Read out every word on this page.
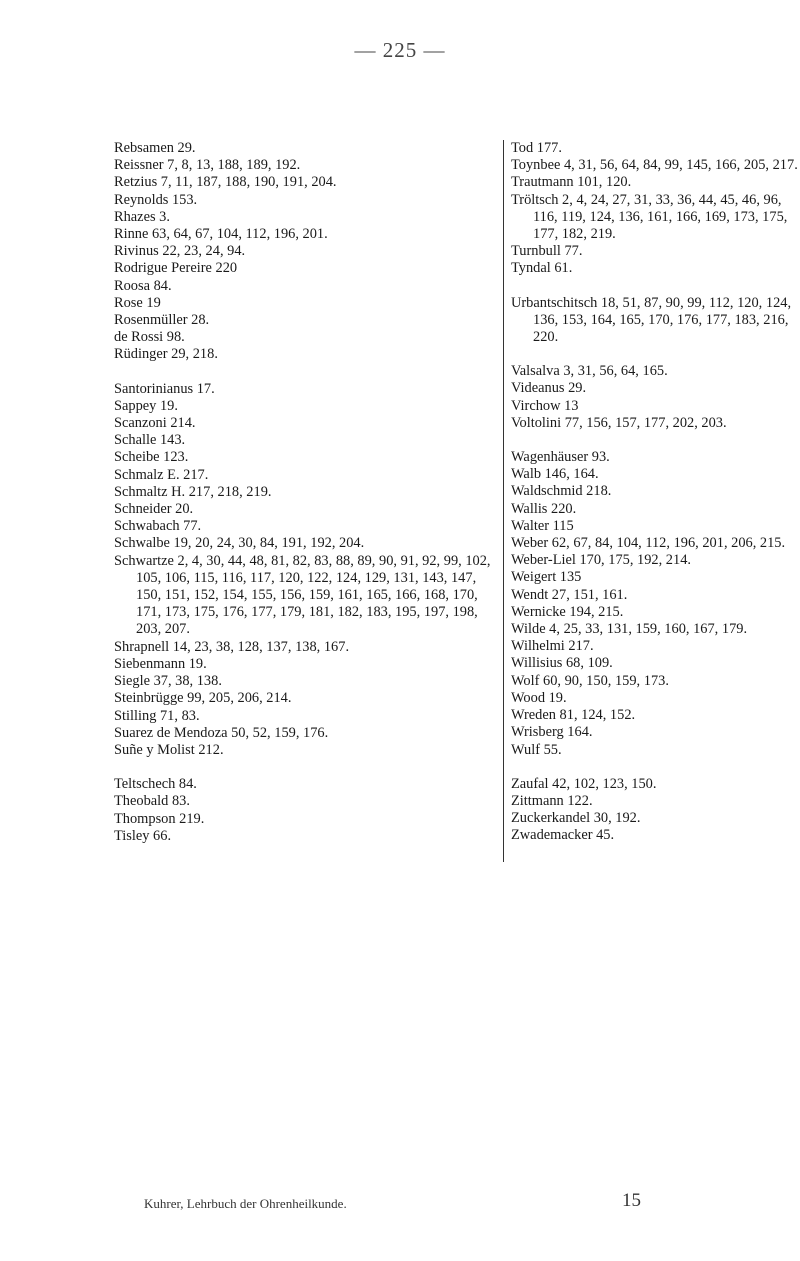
— 225 —
Rebsamen 29.
Reissner 7, 8, 13, 188, 189, 192.
Retzius 7, 11, 187, 188, 190, 191, 204.
Reynolds 153.
Rhazes 3.
Rinne 63, 64, 67, 104, 112, 196, 201.
Rivinus 22, 23, 24, 94.
Rodrigue Pereire 220
Roosa 84.
Rose 19
Rosenmüller 28.
de Rossi 98.
Rüdinger 29, 218.
Santorinianus 17.
Sappey 19.
Scanzoni 214.
Schalle 143.
Scheibe 123.
Schmalz E. 217.
Schmaltz H. 217, 218, 219.
Schneider 20.
Schwabach 77.
Schwalbe 19, 20, 24, 30, 84, 191, 192, 204.
Schwartze 2, 4, 30, 44, 48, 81, 82, 83, 88, 89, 90, 91, 92, 99, 102, 105, 106, 115, 116, 117, 120, 122, 124, 129, 131, 143, 147, 150, 151, 152, 154, 155, 156, 159, 161, 165, 166, 168, 170, 171, 173, 175, 176, 177, 179, 181, 182, 183, 195, 197, 198, 203, 207.
Shrapnell 14, 23, 38, 128, 137, 138, 167.
Siebenmann 19.
Siegle 37, 38, 138.
Steinbrügge 99, 205, 206, 214.
Stilling 71, 83.
Suarez de Mendoza 50, 52, 159, 176.
Suñe y Molist 212.
Teltschech 84.
Theobald 83.
Thompson 219.
Tisley 66.
Tod 177.
Toynbee 4, 31, 56, 64, 84, 99, 145, 166, 205, 217.
Trautmann 101, 120.
Tröltsch 2, 4, 24, 27, 31, 33, 36, 44, 45, 46, 96, 116, 119, 124, 136, 161, 166, 169, 173, 175, 177, 182, 219.
Turnbull 77.
Tyndal 61.
Urbantschitsch 18, 51, 87, 90, 99, 112, 120, 124, 136, 153, 164, 165, 170, 176, 177, 183, 216, 220.
Valsalva 3, 31, 56, 64, 165.
Videanus 29.
Virchow 13
Voltolini 77, 156, 157, 177, 202, 203.
Wagenhäuser 93.
Walb 146, 164.
Waldschmid 218.
Wallis 220.
Walter 115
Weber 62, 67, 84, 104, 112, 196, 201, 206, 215.
Weber-Liel 170, 175, 192, 214.
Weigert 135
Wendt 27, 151, 161.
Wernicke 194, 215.
Wilde 4, 25, 33, 131, 159, 160, 167, 179.
Wilhelmi 217.
Willisius 68, 109.
Wolf 60, 90, 150, 159, 173.
Wood 19.
Wreden 81, 124, 152.
Wrisberg 164.
Wulf 55.
Zaufal 42, 102, 123, 150.
Zittmann 122.
Zuckerkandel 30, 192.
Zwademacker 45.
Kuhrer, Lehrbuch der Ohrenheilkunde.	15
